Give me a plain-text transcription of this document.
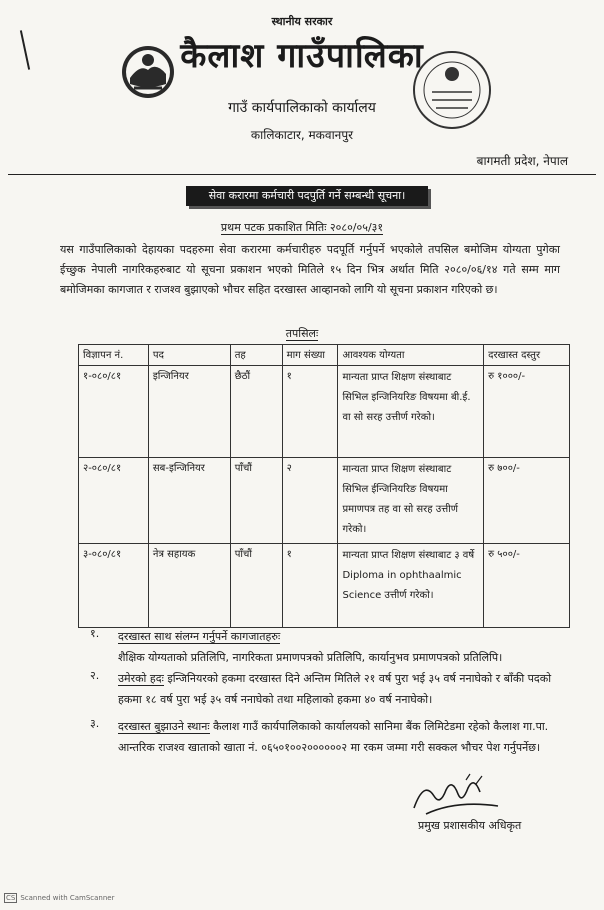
स्थानीय सरकार
कैलाश गाउँपालिका
गाउँ कार्यपालिकाको कार्यालय
कालिकाटार, मकवानपुर
बागमती प्रदेश, नेपाल
सेवा करारमा कर्मचारी पदपुर्ति गर्ने सम्बन्धी सूचना।
प्रथम पटक प्रकाशित मितिः २०८०/०५/३१
यस गाउँपालिकाको देहायका पदहरुमा सेवा करारमा कर्मचारीहरु पदपूर्ति गर्नुपर्ने भएकोले तपसिल बमोजिम योग्यता पुगेका ईच्छुक नेपाली नागरिकहरुबाट यो सूचना प्रकाशन भएको मितिले १५ दिन भित्र अर्थात मिति २०८०/०६/१४ गते सम्म माग बमोजिमका कागजात र राजश्व बुझाएको भौचर सहित दरखास्त आव्हानको लागि यो सूचना प्रकाशन गरिएको छ।
तपसिलः
विज्ञापन नं.	पद	तह	माग संख्या	आवश्यक योग्यता	दरखास्त दस्तुर
१-०८०/८१	इन्जिनियर	छैठौं	१	मान्यता प्राप्त शिक्षण संस्थाबाट सिभिल इन्जिनियरिङ विषयमा बी.ई. वा सो सरह उत्तीर्ण गरेको।	रु १०००/-
२-०८०/८१	सब-इन्जिनियर	पाँचौं	२	मान्यता प्राप्त शिक्षण संस्थाबाट सिभिल ईन्जिनियरिङ विषयमा प्रमाणपत्र तह वा सो सरह उत्तीर्ण गरेको।	रु ७००/-
३-०८०/८१	नेत्र सहायक	पाँचौं	१	मान्यता प्राप्त शिक्षण संस्थाबाट ३ वर्षे Diploma in ophthaalmic Science उत्तीर्ण गरेको।	रु ५००/-
१. दरखास्त साथ संलग्न गर्नुपर्ने कागजातहरुः
शैक्षिक योग्यताको प्रतिलिपि, नागरिकता प्रमाणपत्रको प्रतिलिपि, कार्यानुभव प्रमाणपत्रको प्रतिलिपि।
२. उमेरको हदः इन्जिनियरको हकमा दरखास्त दिने अन्तिम मितिले २१ वर्ष पुरा भई ३५ वर्ष ननाघेको र बाँकी पदको हकमा १८ वर्ष पुरा भई ३५ वर्ष ननाघेको तथा महिलाको हकमा ४० वर्ष ननाघेको।
३. दरखास्त बुझाउने स्थानः कैलाश गाउँ कार्यपालिकाको कार्यालयको सानिमा बैंक लिमिटेडमा रहेको कैलाश गा.पा. आन्तरिक राजश्व खाताको खाता नं. ०६५०१००२००००००२ मा रकम जम्मा गरी सक्कल भौचर पेश गर्नुपर्नेछ।
प्रमुख प्रशासकीय अधिकृत
CS Scanned with CamScanner
